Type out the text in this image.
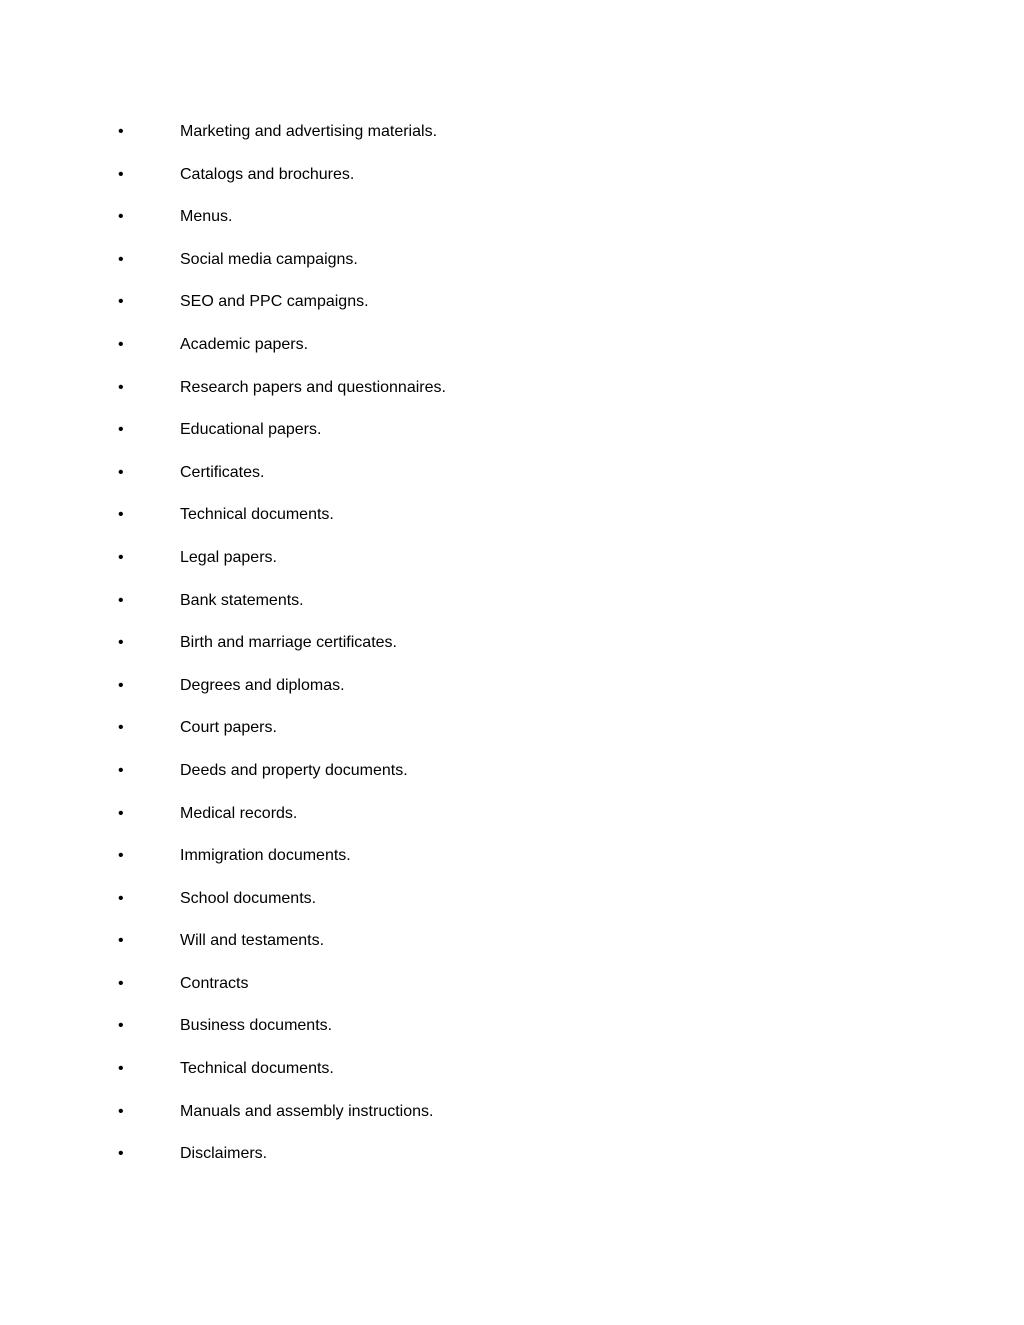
•	Marketing and advertising materials.
•	Catalogs and brochures.
•	Menus.
•	Social media campaigns.
•	SEO and PPC campaigns.
•	Academic papers.
•	Research papers and questionnaires.
•	Educational papers.
•	Certificates.
•	Technical documents.
•	Legal papers.
•	Bank statements.
•	Birth and marriage certificates.
•	Degrees and diplomas.
•	Court papers.
•	Deeds and property documents.
•	Medical records.
•	Immigration documents.
•	School documents.
•	Will and testaments.
•	Contracts
•	Business documents.
•	Technical documents.
•	Manuals and assembly instructions.
•	Disclaimers.
